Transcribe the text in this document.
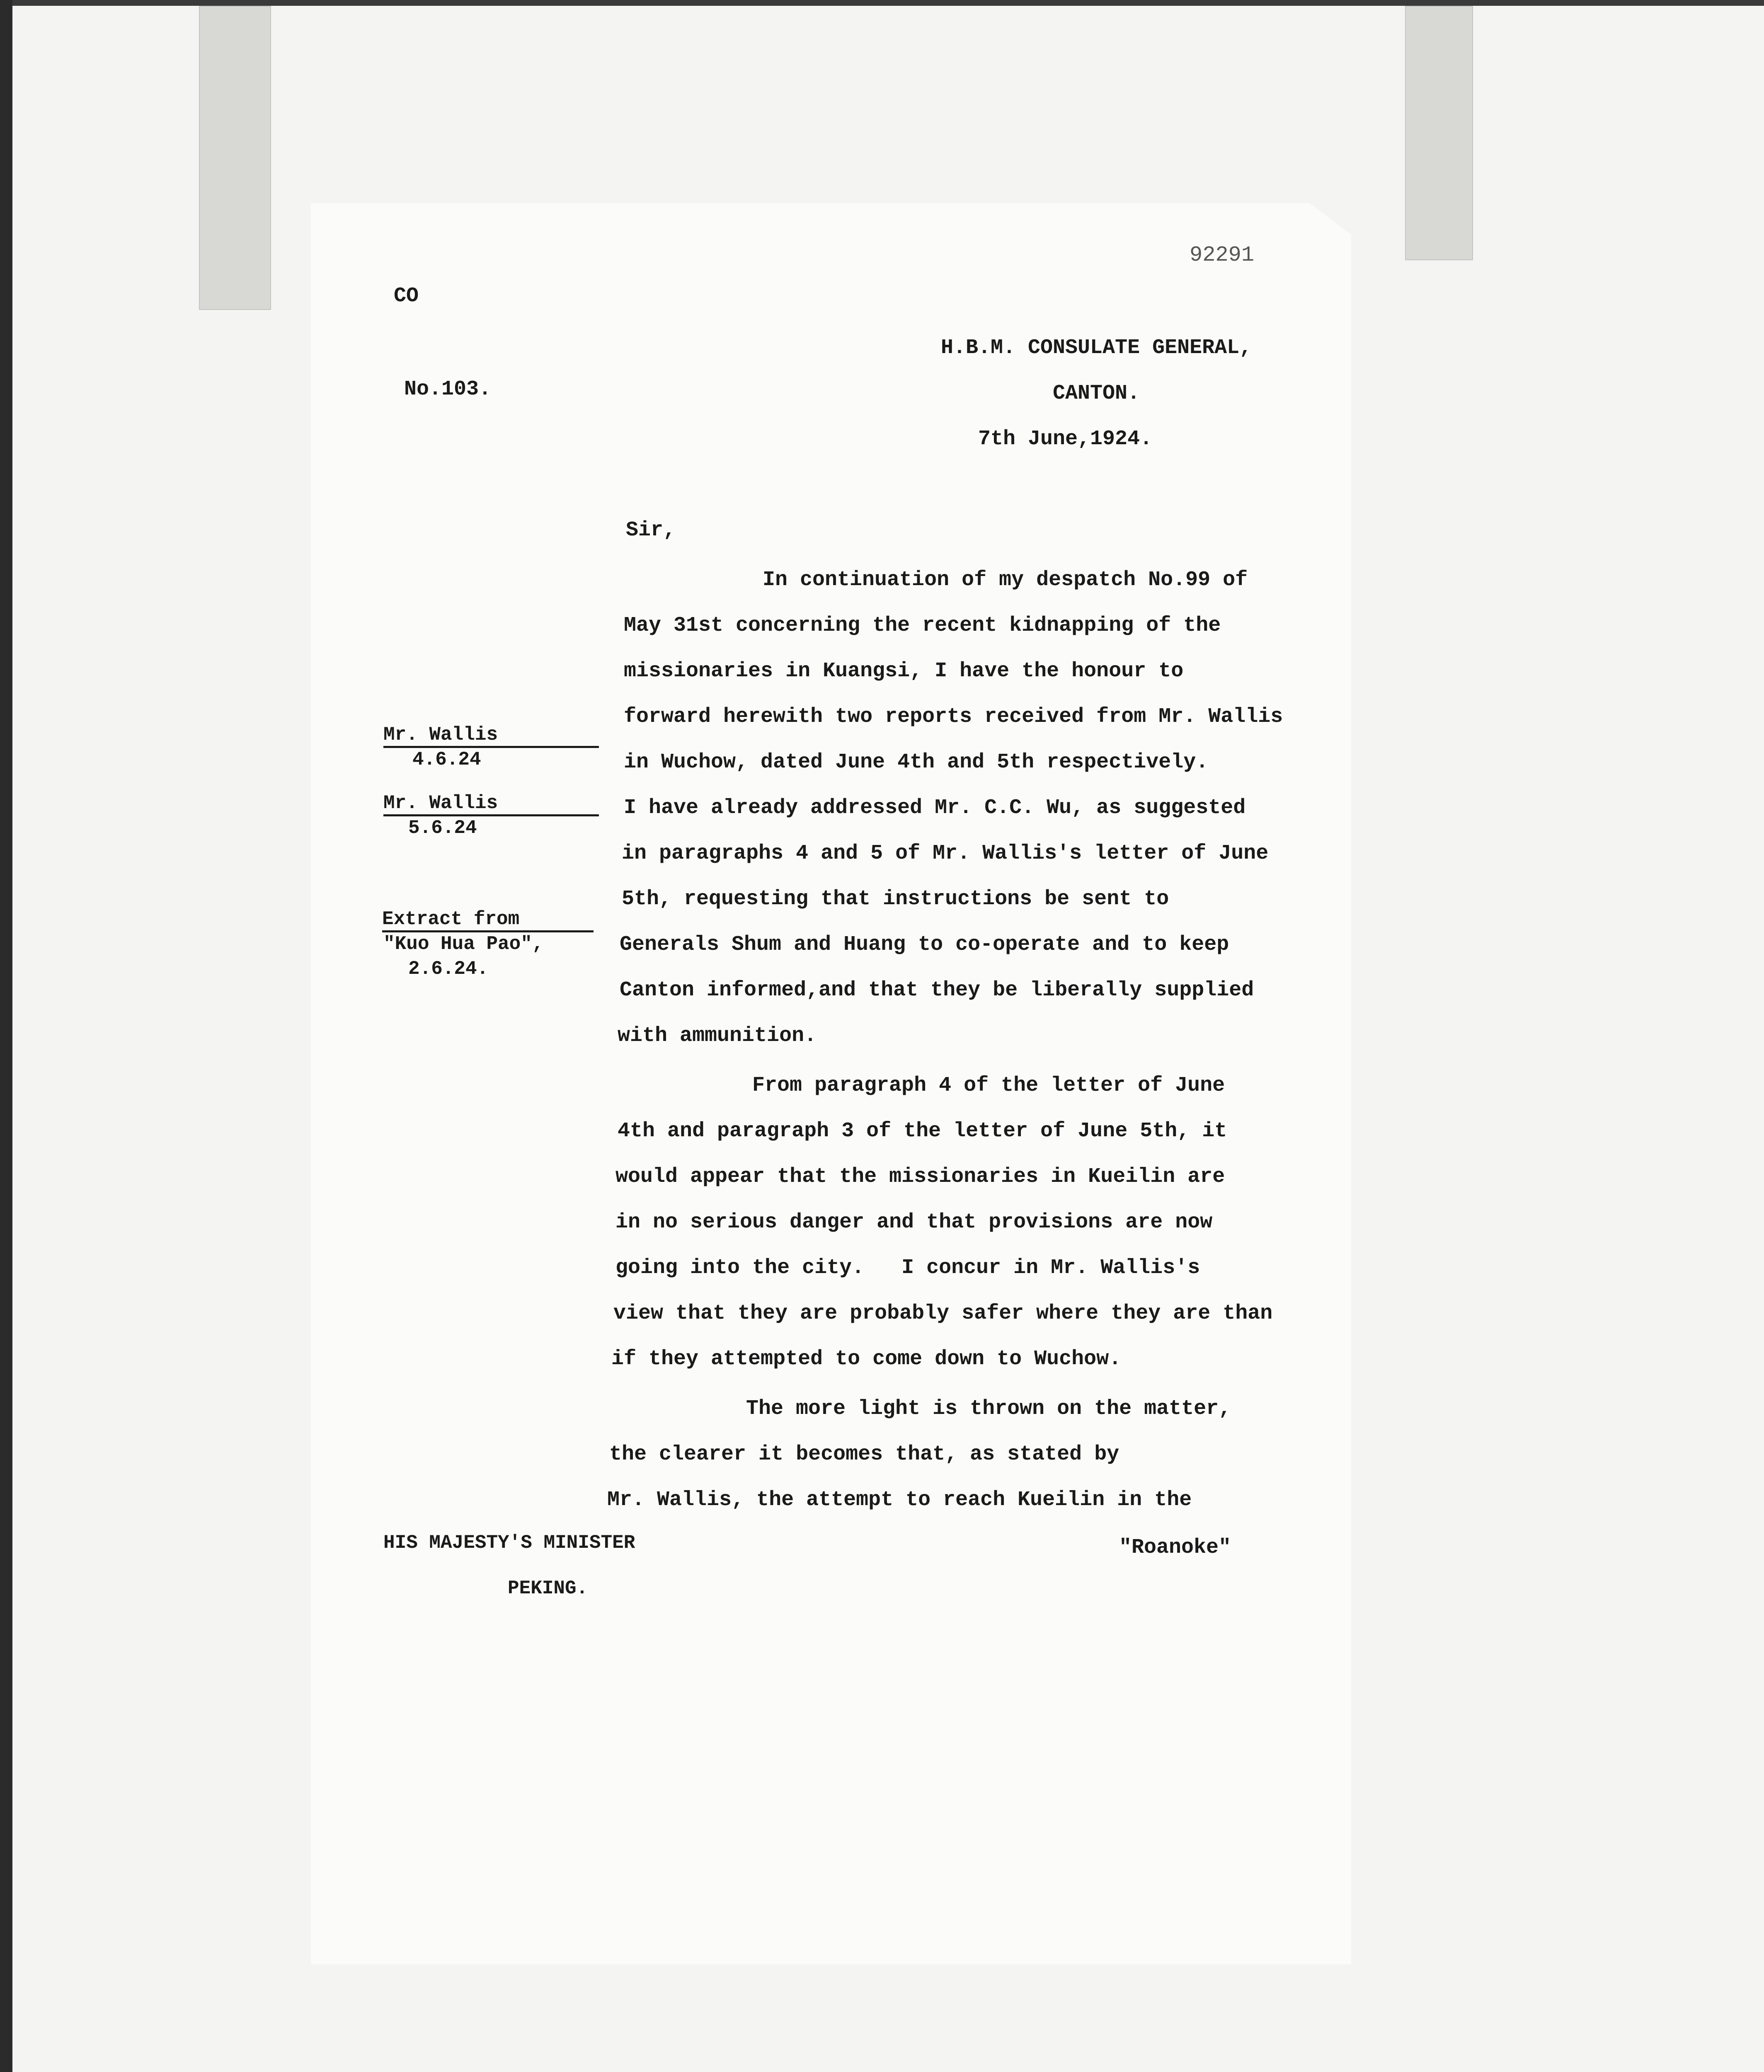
92291
CO
H.B.M. CONSULATE GENERAL,
CANTON.
7th June,1924.
No.103.
Sir,
In continuation of my despatch No.99 of
May 31st concerning the recent kidnapping of the
missionaries in Kuangsi, I have the honour to
forward herewith two reports received from Mr. Wallis
in Wuchow, dated June 4th and 5th respectively.
I have already addressed Mr. C.C. Wu, as suggested
in paragraphs 4 and 5 of Mr. Wallis's letter of June
5th, requesting that instructions be sent to
Generals Shum and Huang to co-operate and to keep
Canton informed,and that they be liberally supplied
with ammunition.
From paragraph 4 of the letter of June
4th and paragraph 3 of the letter of June 5th, it
would appear that the missionaries in Kueilin are
in no serious danger and that provisions are now
going into the city.   I concur in Mr. Wallis's
view that they are probably safer where they are than
if they attempted to come down to Wuchow.
The more light is thrown on the matter,
the clearer it becomes that, as stated by
Mr. Wallis, the attempt to reach Kueilin in the
"Roanoke"
Mr. Wallis
4.6.24
Mr. Wallis
5.6.24
Extract from
"Kuo Hua Pao",
2.6.24.
HIS MAJESTY'S MINISTER
PEKING.
